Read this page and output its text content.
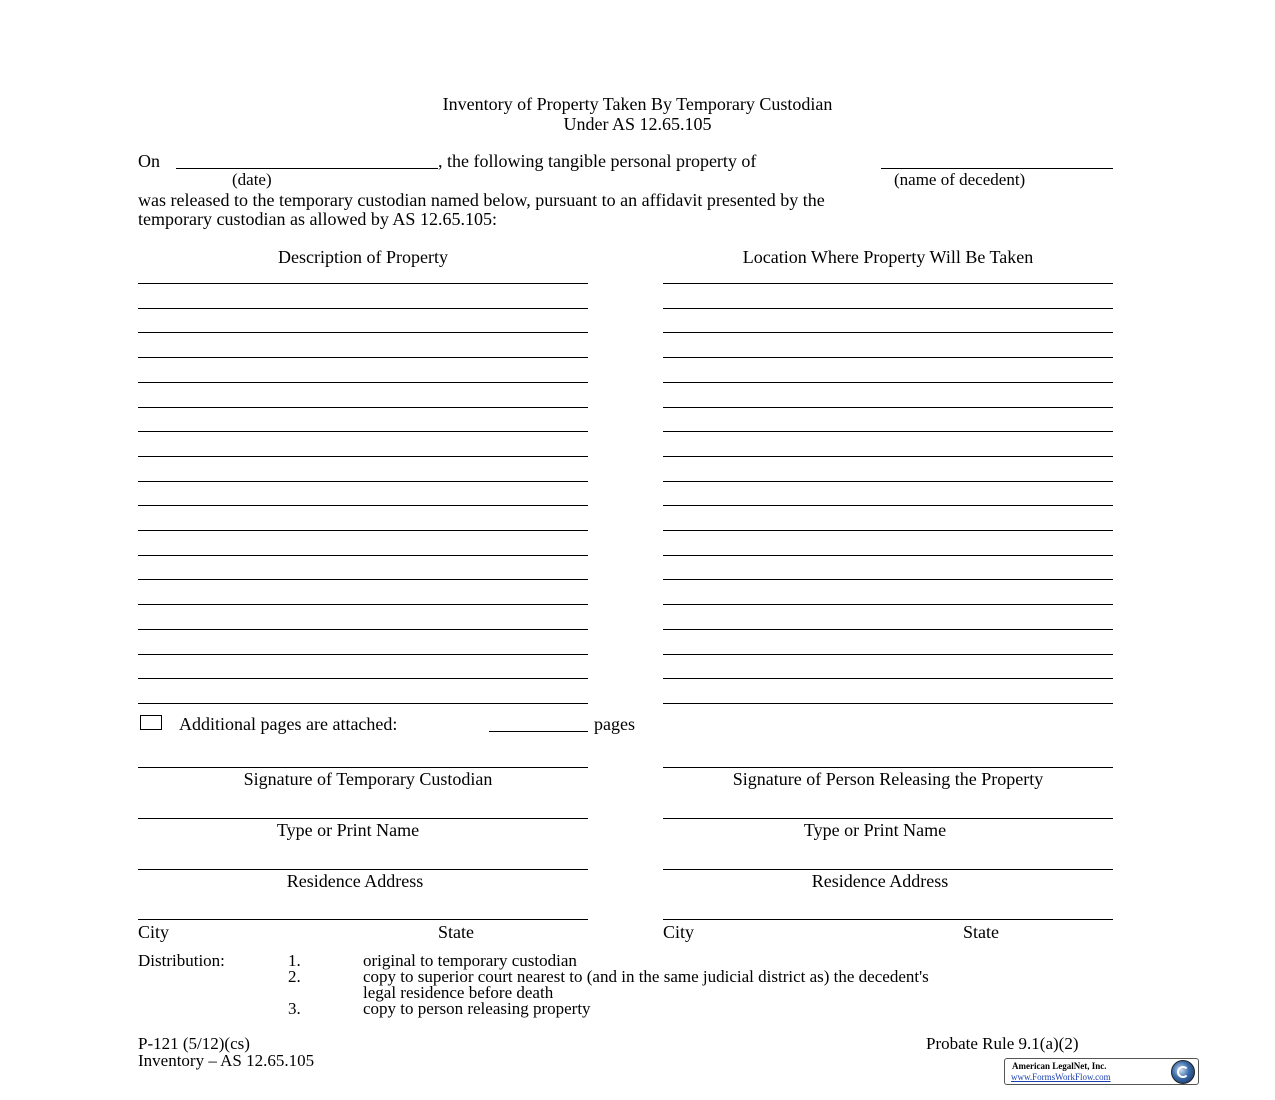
Inventory of Property Taken By Temporary Custodian
Under AS 12.65.105
On	, the following tangible personal property of
(date)	(name of decedent)
was released to the temporary custodian named below, pursuant to an affidavit presented by the
temporary custodian as allowed by AS 12.65.105:
Description of Property	Location Where Property Will Be Taken
Additional pages are attached:	pages
Signature of Temporary Custodian
Type or Print Name
Residence Address
City	State
Signature of Person Releasing the Property
Type or Print Name
Residence Address
City	State
Distribution:	1.	original to temporary custodian
2.	copy to superior court nearest to (and in the same judicial district as) the decedent's
legal residence before death
3.	copy to person releasing property
P-121 (5/12)(cs)
Inventory – AS 12.65.105
Probate Rule 9.1(a)(2)
American LegalNet, Inc.
www.FormsWorkFlow.com
